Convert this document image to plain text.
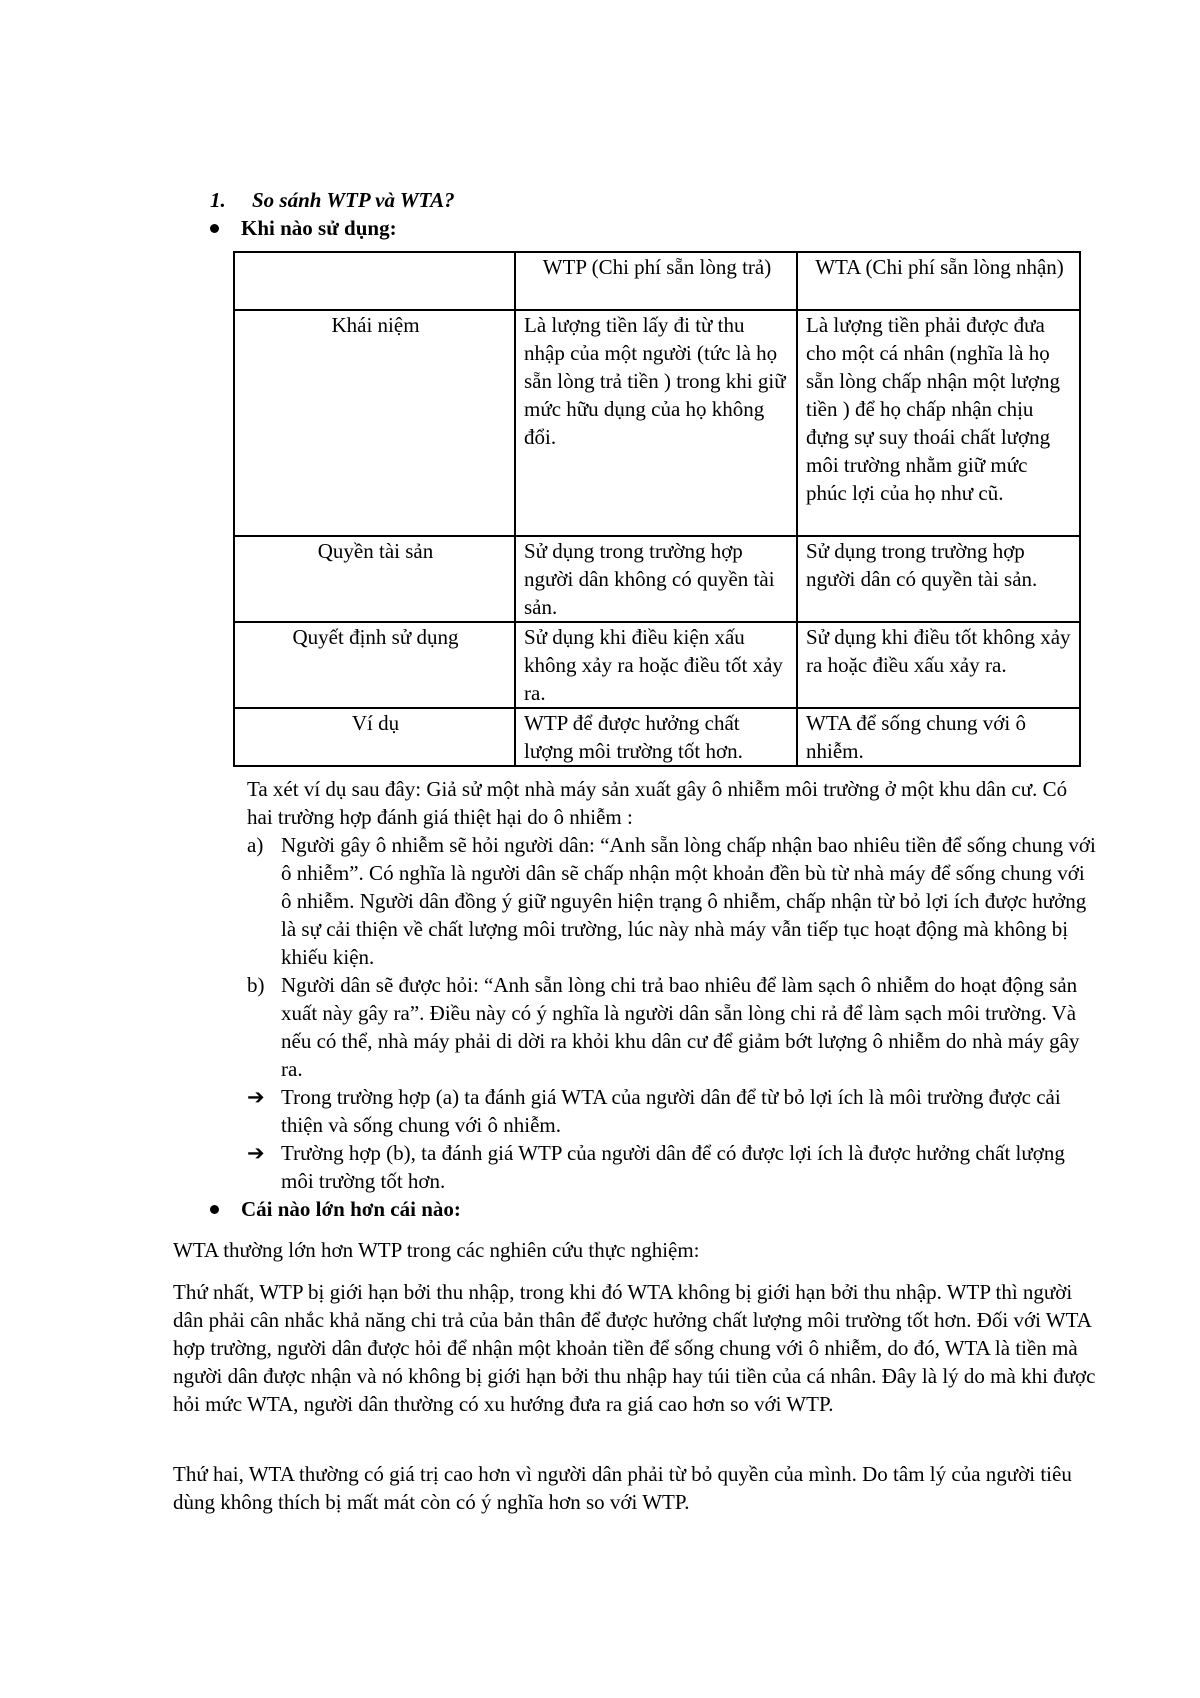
1. So sánh WTP và WTA?
Khi nào sử dụng:
	WTP (Chi phí sẵn lòng trả)	WTA (Chi phí sẵn lòng nhận)
Khái niệm	Là lượng tiền lấy đi từ thu nhập của một người (tức là họ sẵn lòng trả tiền ) trong khi giữ mức hữu dụng của họ không đổi.	Là lượng tiền phải được đưa cho một cá nhân (nghĩa là họ sẵn lòng chấp nhận một lượng tiền ) để họ chấp nhận chịu đựng sự suy thoái chất lượng môi trường nhằm giữ mức phúc lợi của họ như cũ.
Quyền tài sản	Sử dụng trong trường hợp người dân không có quyền tài sản.	Sử dụng trong trường hợp người dân có quyền tài sản.
Quyết định sử dụng	Sử dụng khi điều kiện xấu không xảy ra hoặc điều tốt xảy ra.	Sử dụng khi điều tốt không xảy ra hoặc điều xấu xảy ra.
Ví dụ	WTP để được hưởng chất lượng môi trường tốt hơn.	WTA để sống chung với ô nhiễm.
Ta xét ví dụ sau đây: Giả sử một nhà máy sản xuất gây ô nhiễm môi trường ở một khu dân cư. Có hai trường hợp đánh giá thiệt hại do ô nhiễm :
a) Người gây ô nhiễm sẽ hỏi người dân: “Anh sẵn lòng chấp nhận bao nhiêu tiền để sống chung với ô nhiễm”. Có nghĩa là người dân sẽ chấp nhận một khoản đền bù từ nhà máy để sống chung với ô nhiễm. Người dân đồng ý giữ nguyên hiện trạng ô nhiễm, chấp nhận từ bỏ lợi ích được hưởng là sự cải thiện về chất lượng môi trường, lúc này nhà máy vẫn tiếp tục hoạt động mà không bị khiếu kiện.
b) Người dân sẽ được hỏi: “Anh sẵn lòng chi trả bao nhiêu để làm sạch ô nhiễm do hoạt động sản xuất này gây ra”. Điều này có ý nghĩa là người dân sẵn lòng chi rả để làm sạch môi trường. Và nếu có thể, nhà máy phải di dời ra khỏi khu dân cư để giảm bớt lượng ô nhiễm do nhà máy gây ra.
➔ Trong trường hợp (a) ta đánh giá WTA của người dân để từ bỏ lợi ích là môi trường được cải thiện và sống chung với ô nhiễm.
➔ Trường hợp (b), ta đánh giá WTP của người dân để có được lợi ích là được hưởng chất lượng môi trường tốt hơn.
Cái nào lớn hơn cái nào:
WTA thường lớn hơn WTP trong các nghiên cứu thực nghiệm:
Thứ nhất, WTP bị giới hạn bởi thu nhập, trong khi đó WTA không bị giới hạn bởi thu nhập. WTP thì người dân phải cân nhắc khả năng chi trả của bản thân để được hưởng chất lượng môi trường tốt hơn. Đối với WTA hợp trường, người dân được hỏi để nhận một khoản tiền để sống chung với ô nhiễm, do đó, WTA là tiền mà người dân được nhận và nó không bị giới hạn bởi thu nhập hay túi tiền của cá nhân. Đây là lý do mà khi được hỏi mức WTA, người dân thường có xu hướng đưa ra giá cao hơn so với WTP.
Thứ hai, WTA thường có giá trị cao hơn vì người dân phải từ bỏ quyền của mình. Do tâm lý của người tiêu dùng không thích bị mất mát còn có ý nghĩa hơn so với WTP.
